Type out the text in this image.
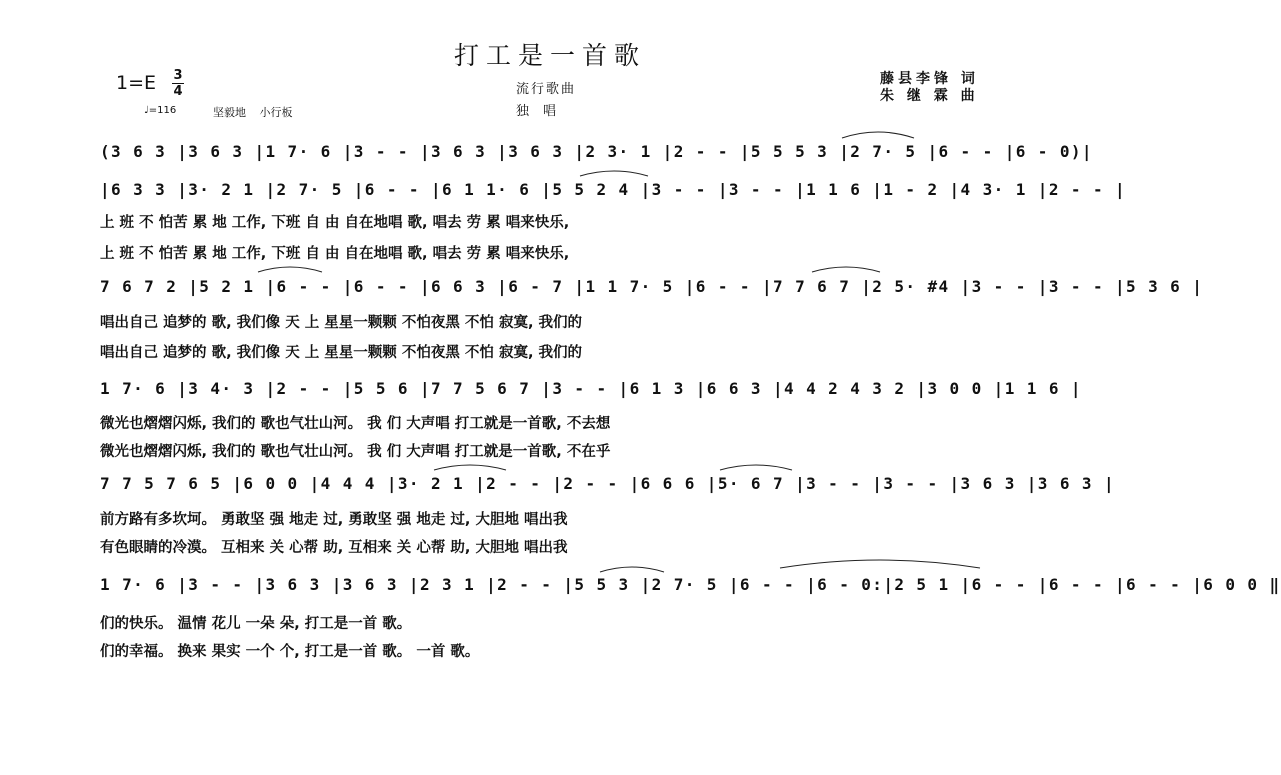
打工是一首歌
1=E 3
4
♩=116	坚毅地 小行板
流行歌曲
独唱
藤县李锋 词
朱 继 霖 曲
(3 6 3 |3 6 3 |1 7· 6 |3 - - |3 6 3 |3 6 3 |2 3· 1 |2 - - |5 5 5 3 |2 7· 5 |6 - - |6 - 0)|
|6 3 3 |3· 2 1 |2 7· 5 |6 - - |6 1 1· 6 |5 5 2 4 |3 - - |3 - - |1 1 6 |1 - 2 |4 3· 1 |2 - - |
上 班 不 怕苦 累 地 工作, 下班 自 由 自在地唱 歌, 唱去 劳 累 唱来快乐,
上 班 不 怕苦 累 地 工作, 下班 自 由 自在地唱 歌, 唱去 劳 累 唱来快乐,
7 6 7 2 |5 2 1 |6 - - |6 - - |6 6 3 |6 - 7 |1 1 7· 5 |6 - - |7 7 6 7 |2 5· #4 |3 - - |3 - - |5 3 6 |
唱出自己 追梦的 歌, 我们像 天 上 星星一颗颗 不怕夜黑 不怕 寂寞, 我们的
唱出自己 追梦的 歌, 我们像 天 上 星星一颗颗 不怕夜黑 不怕 寂寞, 我们的
1 7· 6 |3 4· 3 |2 - - |5 5 6 |7 7 5 6 7 |3 - - |6 1 3 |6 6 3 |4 4 2 4 3 2 |3 0 0 |1 1 6 |
微光也熠熠闪烁, 我们的 歌也气壮山河。 我 们 大声唱 打工就是一首歌, 不去想
微光也熠熠闪烁, 我们的 歌也气壮山河。 我 们 大声唱 打工就是一首歌, 不在乎
7 7 5 7 6 5 |6 0 0 |4 4 4 |3· 2 1 |2 - - |2 - - |6 6 6 |5· 6 7 |3 - - |3 - - |3 6 3 |3 6 3 |
前方路有多坎坷。 勇敢坚 强 地走 过, 勇敢坚 强 地走 过, 大胆地 唱出我
有色眼睛的冷漠。 互相来 关 心帮 助, 互相来 关 心帮 助, 大胆地 唱出我
1 7· 6 |3 - - |3 6 3 |3 6 3 |2 3 1 |2 - - |5 5 3 |2 7· 5 |6 - - |6 - 0:|2 5 1 |6 - - |6 - - |6 - - |6 0 0 ‖
们的快乐。 温情 花儿 一朵 朵, 打工是一首 歌。
们的幸福。 换来 果实 一个 个, 打工是一首 歌。 一首 歌。
